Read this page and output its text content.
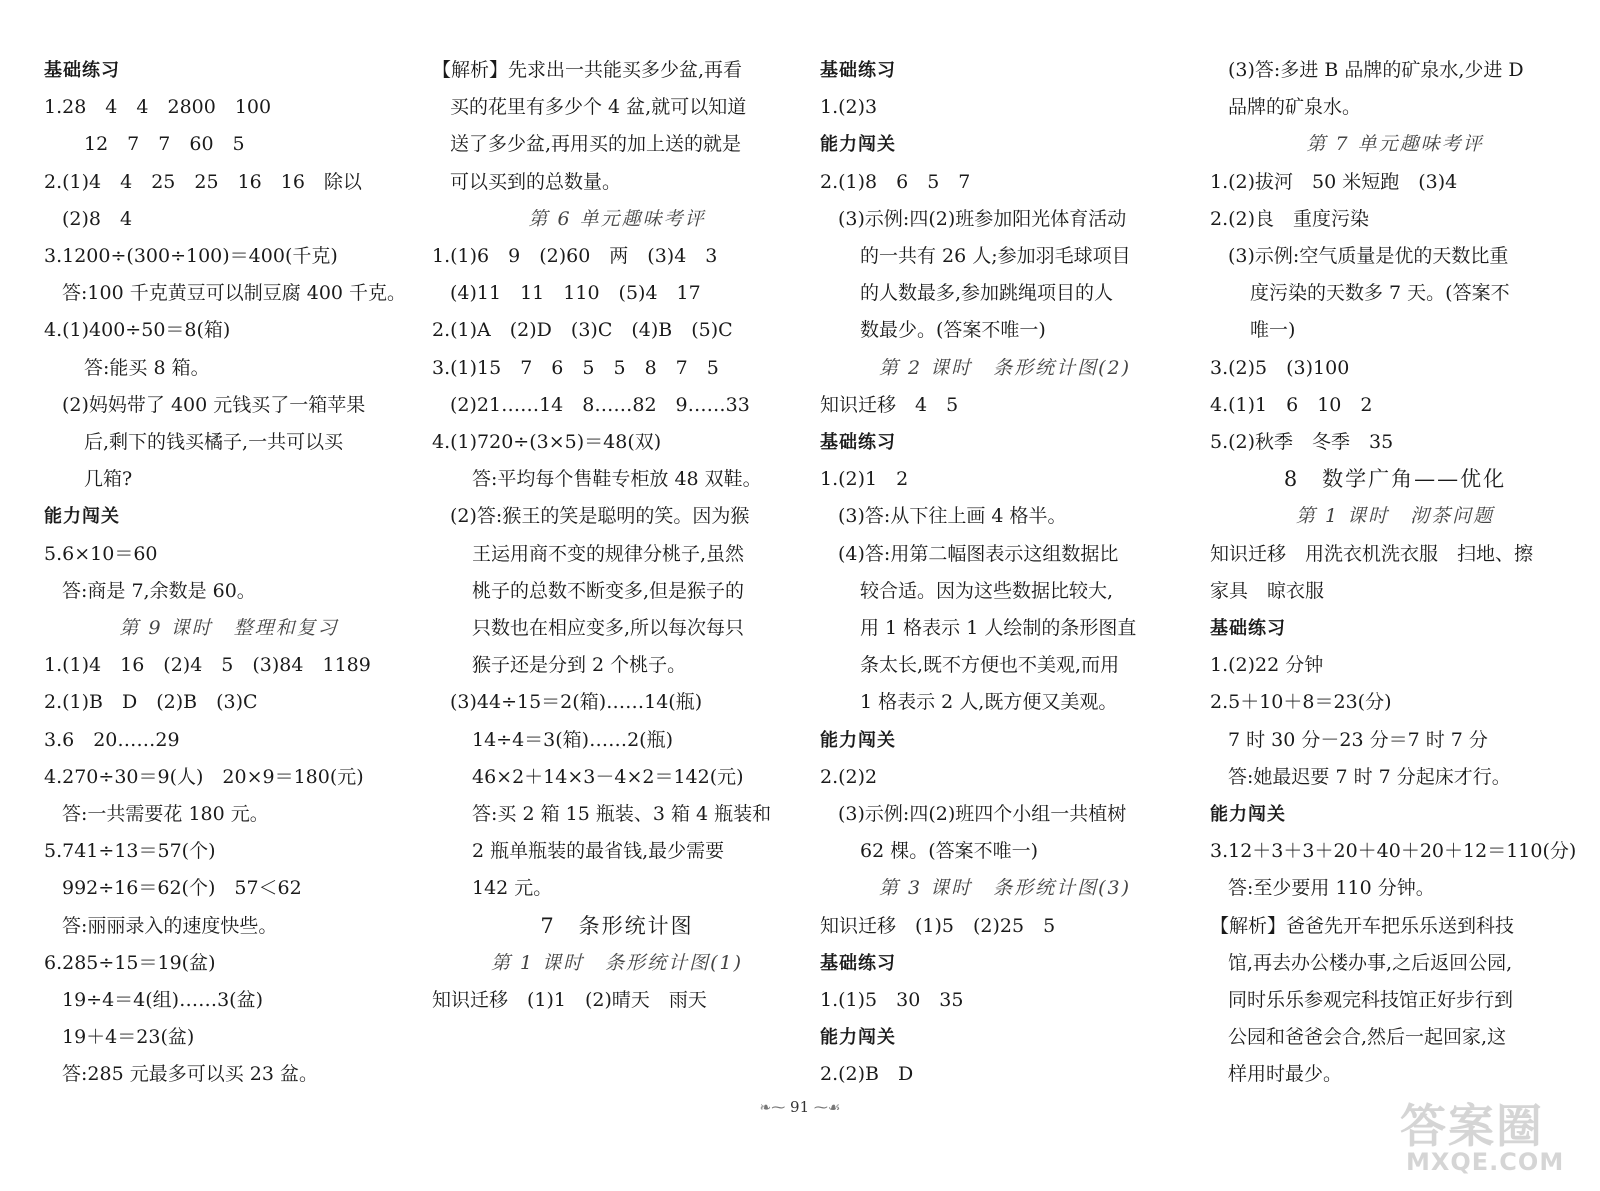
基础练习
1.28　4　4　2800　100
12　7　7　60　5
2.(1)4　4　25　25　16　16　除以
(2)8　4
3.1200÷(300÷100)＝400(千克)
答:100 千克黄豆可以制豆腐 400 千克。
4.(1)400÷50＝8(箱)
答:能买 8 箱。
(2)妈妈带了 400 元钱买了一箱苹果
后,剩下的钱买橘子,一共可以买
几箱?
能力闯关
5.6×10＝60
答:商是 7,余数是 60。
第 9 课时　整理和复习
1.(1)4　16　(2)4　5　(3)84　1189
2.(1)B　D　(2)B　(3)C
3.6　20……29
4.270÷30＝9(人)　20×9＝180(元)
答:一共需要花 180 元。
5.741÷13＝57(个)
992÷16＝62(个)　57＜62
答:丽丽录入的速度快些。
6.285÷15＝19(盆)
19÷4＝4(组)……3(盆)
19＋4＝23(盆)
答:285 元最多可以买 23 盆。
【解析】先求出一共能买多少盆,再看
买的花里有多少个 4 盆,就可以知道
送了多少盆,再用买的加上送的就是
可以买到的总数量。
第 6 单元趣味考评
1.(1)6　9　(2)60　两　(3)4　3
(4)11　11　110　(5)4　17
2.(1)A　(2)D　(3)C　(4)B　(5)C
3.(1)15　7　6　5　5　8　7　5
(2)21……14　8……82　9……33
4.(1)720÷(3×5)＝48(双)
答:平均每个售鞋专柜放 48 双鞋。
(2)答:猴王的笑是聪明的笑。因为猴
王运用商不变的规律分桃子,虽然
桃子的总数不断变多,但是猴子的
只数也在相应变多,所以每次每只
猴子还是分到 2 个桃子。
(3)44÷15＝2(箱)……14(瓶)
14÷4＝3(箱)……2(瓶)
46×2＋14×3－4×2＝142(元)
答:买 2 箱 15 瓶装、3 箱 4 瓶装和
2 瓶单瓶装的最省钱,最少需要
142 元。
7　条形统计图
第 1 课时　条形统计图(1)
知识迁移　(1)1　(2)晴天　雨天
基础练习
1.(2)3
能力闯关
2.(1)8　6　5　7
(3)示例:四(2)班参加阳光体育活动
的一共有 26 人;参加羽毛球项目
的人数最多,参加跳绳项目的人
数最少。(答案不唯一)
第 2 课时　条形统计图(2)
知识迁移　4　5
基础练习
1.(2)1　2
(3)答:从下往上画 4 格半。
(4)答:用第二幅图表示这组数据比
较合适。因为这些数据比较大,
用 1 格表示 1 人绘制的条形图直
条太长,既不方便也不美观,而用
1 格表示 2 人,既方便又美观。
能力闯关
2.(2)2
(3)示例:四(2)班四个小组一共植树
62 棵。(答案不唯一)
第 3 课时　条形统计图(3)
知识迁移　(1)5　(2)25　5
基础练习
1.(1)5　30　35
能力闯关
2.(2)B　D
(3)答:多进 B 品牌的矿泉水,少进 D
品牌的矿泉水。
第 7 单元趣味考评
1.(2)拔河　50 米短跑　(3)4
2.(2)良　重度污染
(3)示例:空气质量是优的天数比重
度污染的天数多 7 天。(答案不
唯一)
3.(2)5　(3)100
4.(1)1　6　10　2
5.(2)秋季　冬季　35
8　数学广角——优化
第 1 课时　沏茶问题
知识迁移　用洗衣机洗衣服　扫地、擦
家具　晾衣服
基础练习
1.(2)22 分钟
2.5＋10＋8＝23(分)
7 时 30 分－23 分＝7 时 7 分
答:她最迟要 7 时 7 分起床才行。
能力闯关
3.12＋3＋3＋20＋40＋20＋12＝110(分)
答:至少要用 110 分钟。
【解析】爸爸先开车把乐乐送到科技
馆,再去办公楼办事,之后返回公园,
同时乐乐参观完科技馆正好步行到
公园和爸爸会合,然后一起回家,这
样用时最少。
❧⁓ 91 ⁓☙	答案圈
MXQE.COM
